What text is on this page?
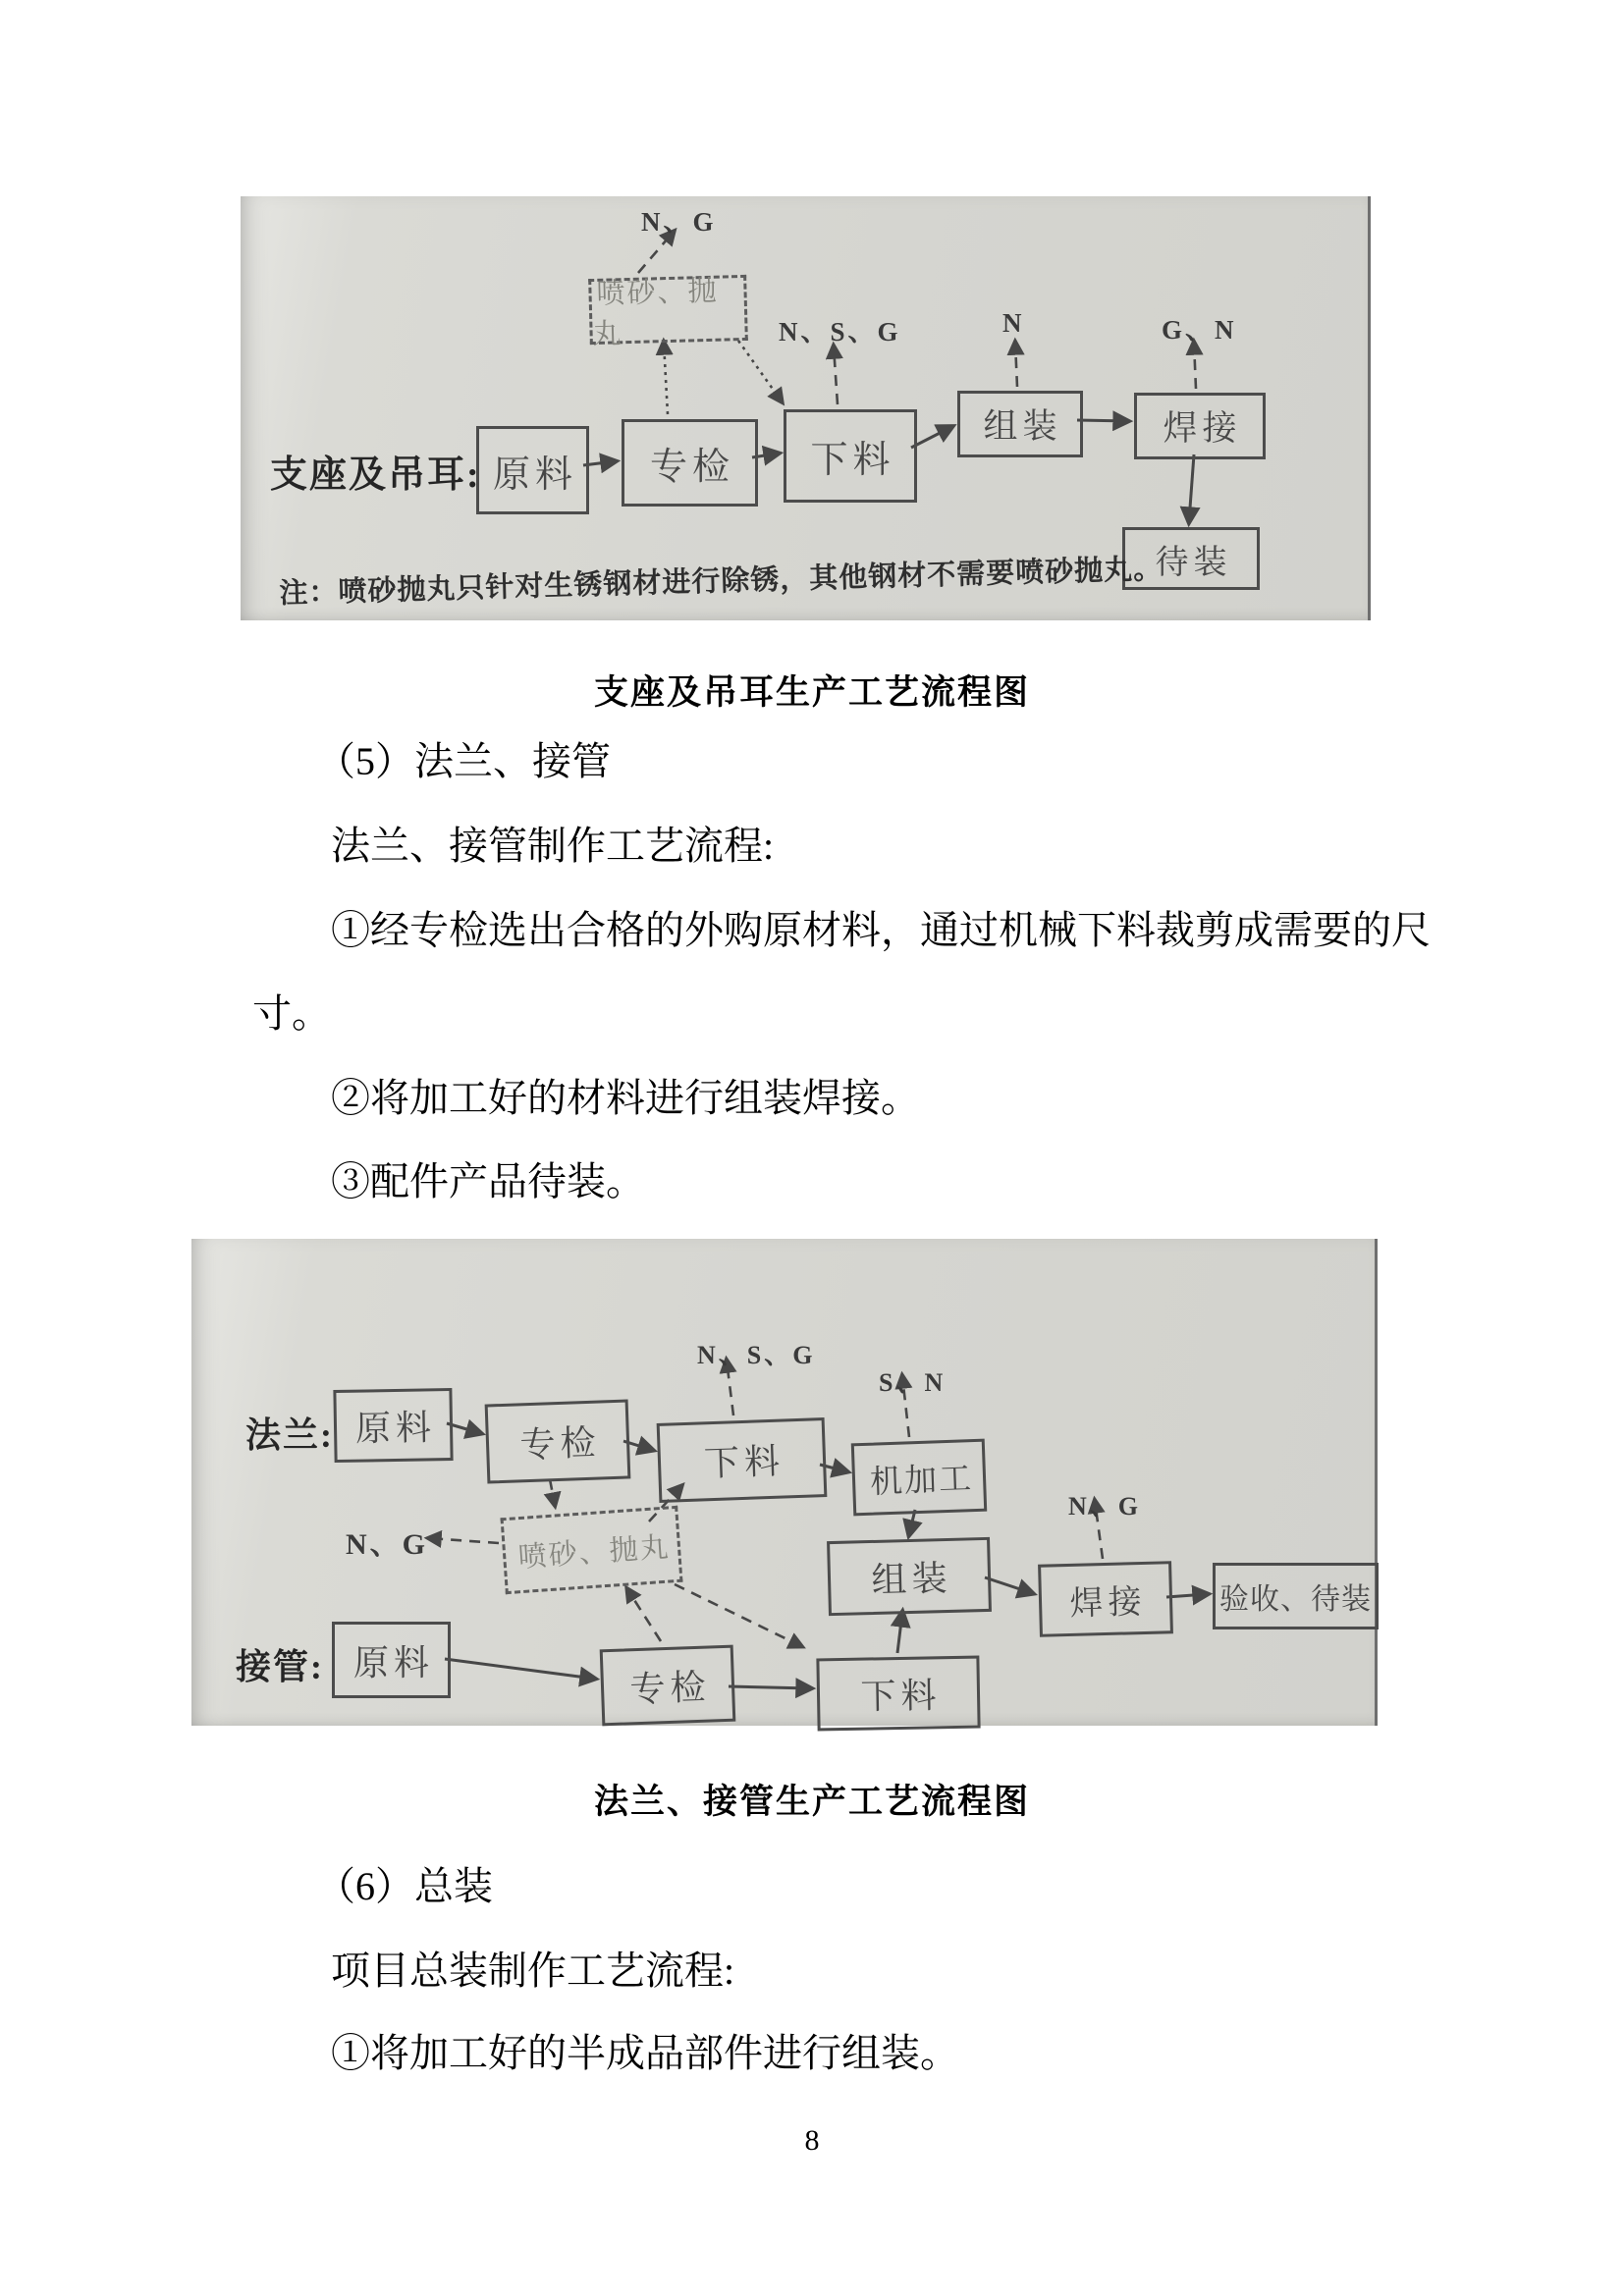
支座及吊耳: 原料	专检	下料
组装	焊接
待装
喷砂、抛丸
N、G
N、S、G	N	G、N
注：喷砂抛丸只针对生锈钢材进行除锈，其他钢材不需要喷砂抛丸。
支座及吊耳生产工艺流程图
（5）法兰、接管
法兰、接管制作工艺流程:
①经专检选出合格的外购原材料，通过机械下料裁剪成需要的尺
寸。
②将加工好的材料进行组装焊接。
③配件产品待装。
法兰:
接管:
原料	专检	下料	机加工
组装
焊接	验收、待装
喷砂、抛丸
原料
专检	下料
N、S、G
S、N
N、G
N、G
法兰、接管生产工艺流程图
（6）总装
项目总装制作工艺流程:
①将加工好的半成品部件进行组装。
8
